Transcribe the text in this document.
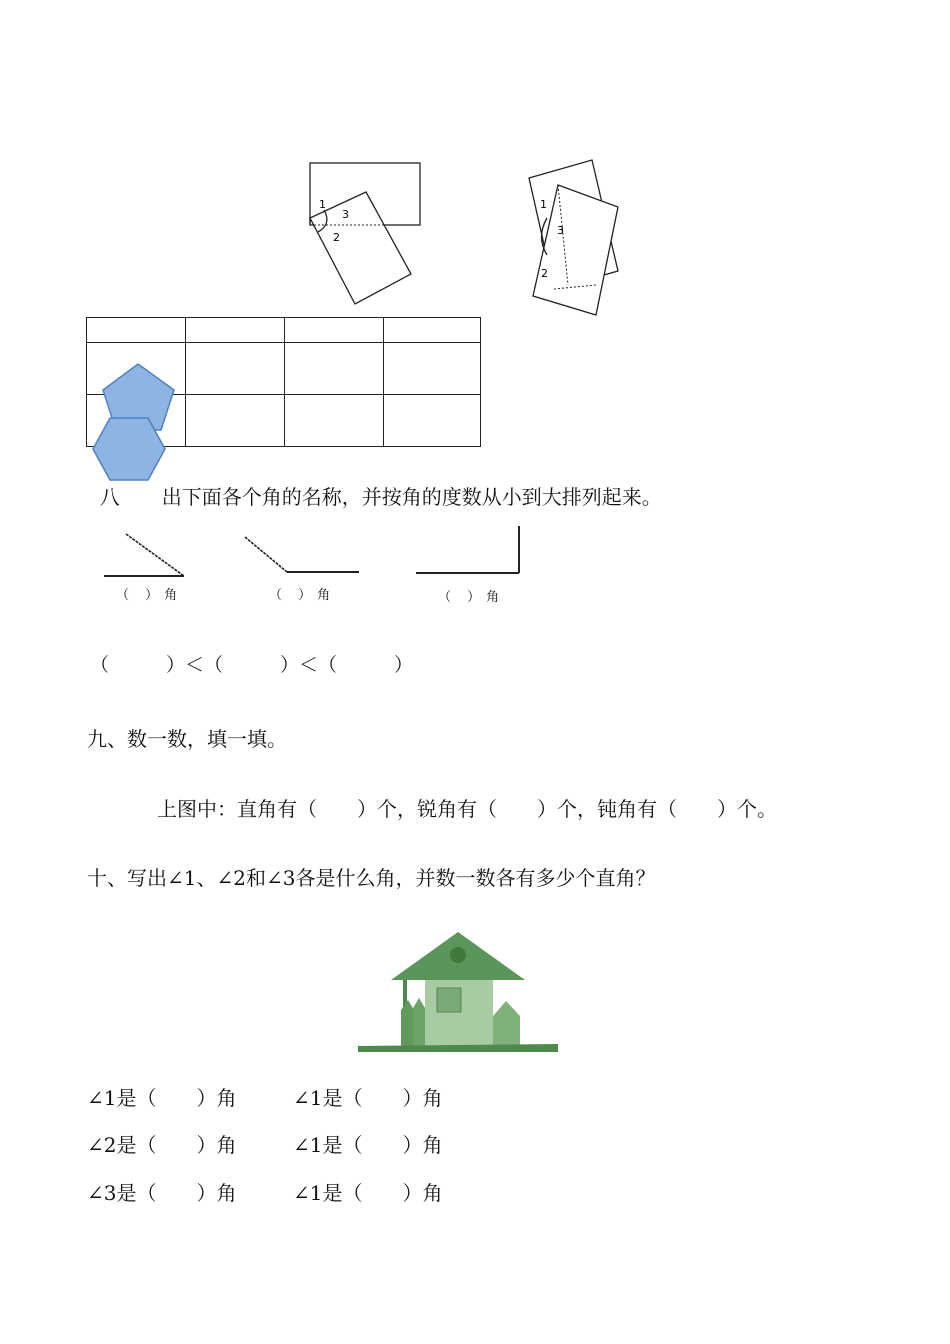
1
3
2
1
3
2

八 出下面各个角的名称，并按角的度数从小到大排列起来。

（ ）角	（ ）角	（ ）角
（　　　）＜（　　　）＜（　　　）
九、数一数，填一填。
上图中：直角有（　　）个，锐角有（　　）个，钝角有（　　）个。
十、写出∠1、∠2和∠3各是什么角，并数一数各有多少个直角？
∠1是（　　）角	∠1是（　　）角
∠2是（　　）角	∠1是（　　）角
∠3是（　　）角	∠1是（　　）角
